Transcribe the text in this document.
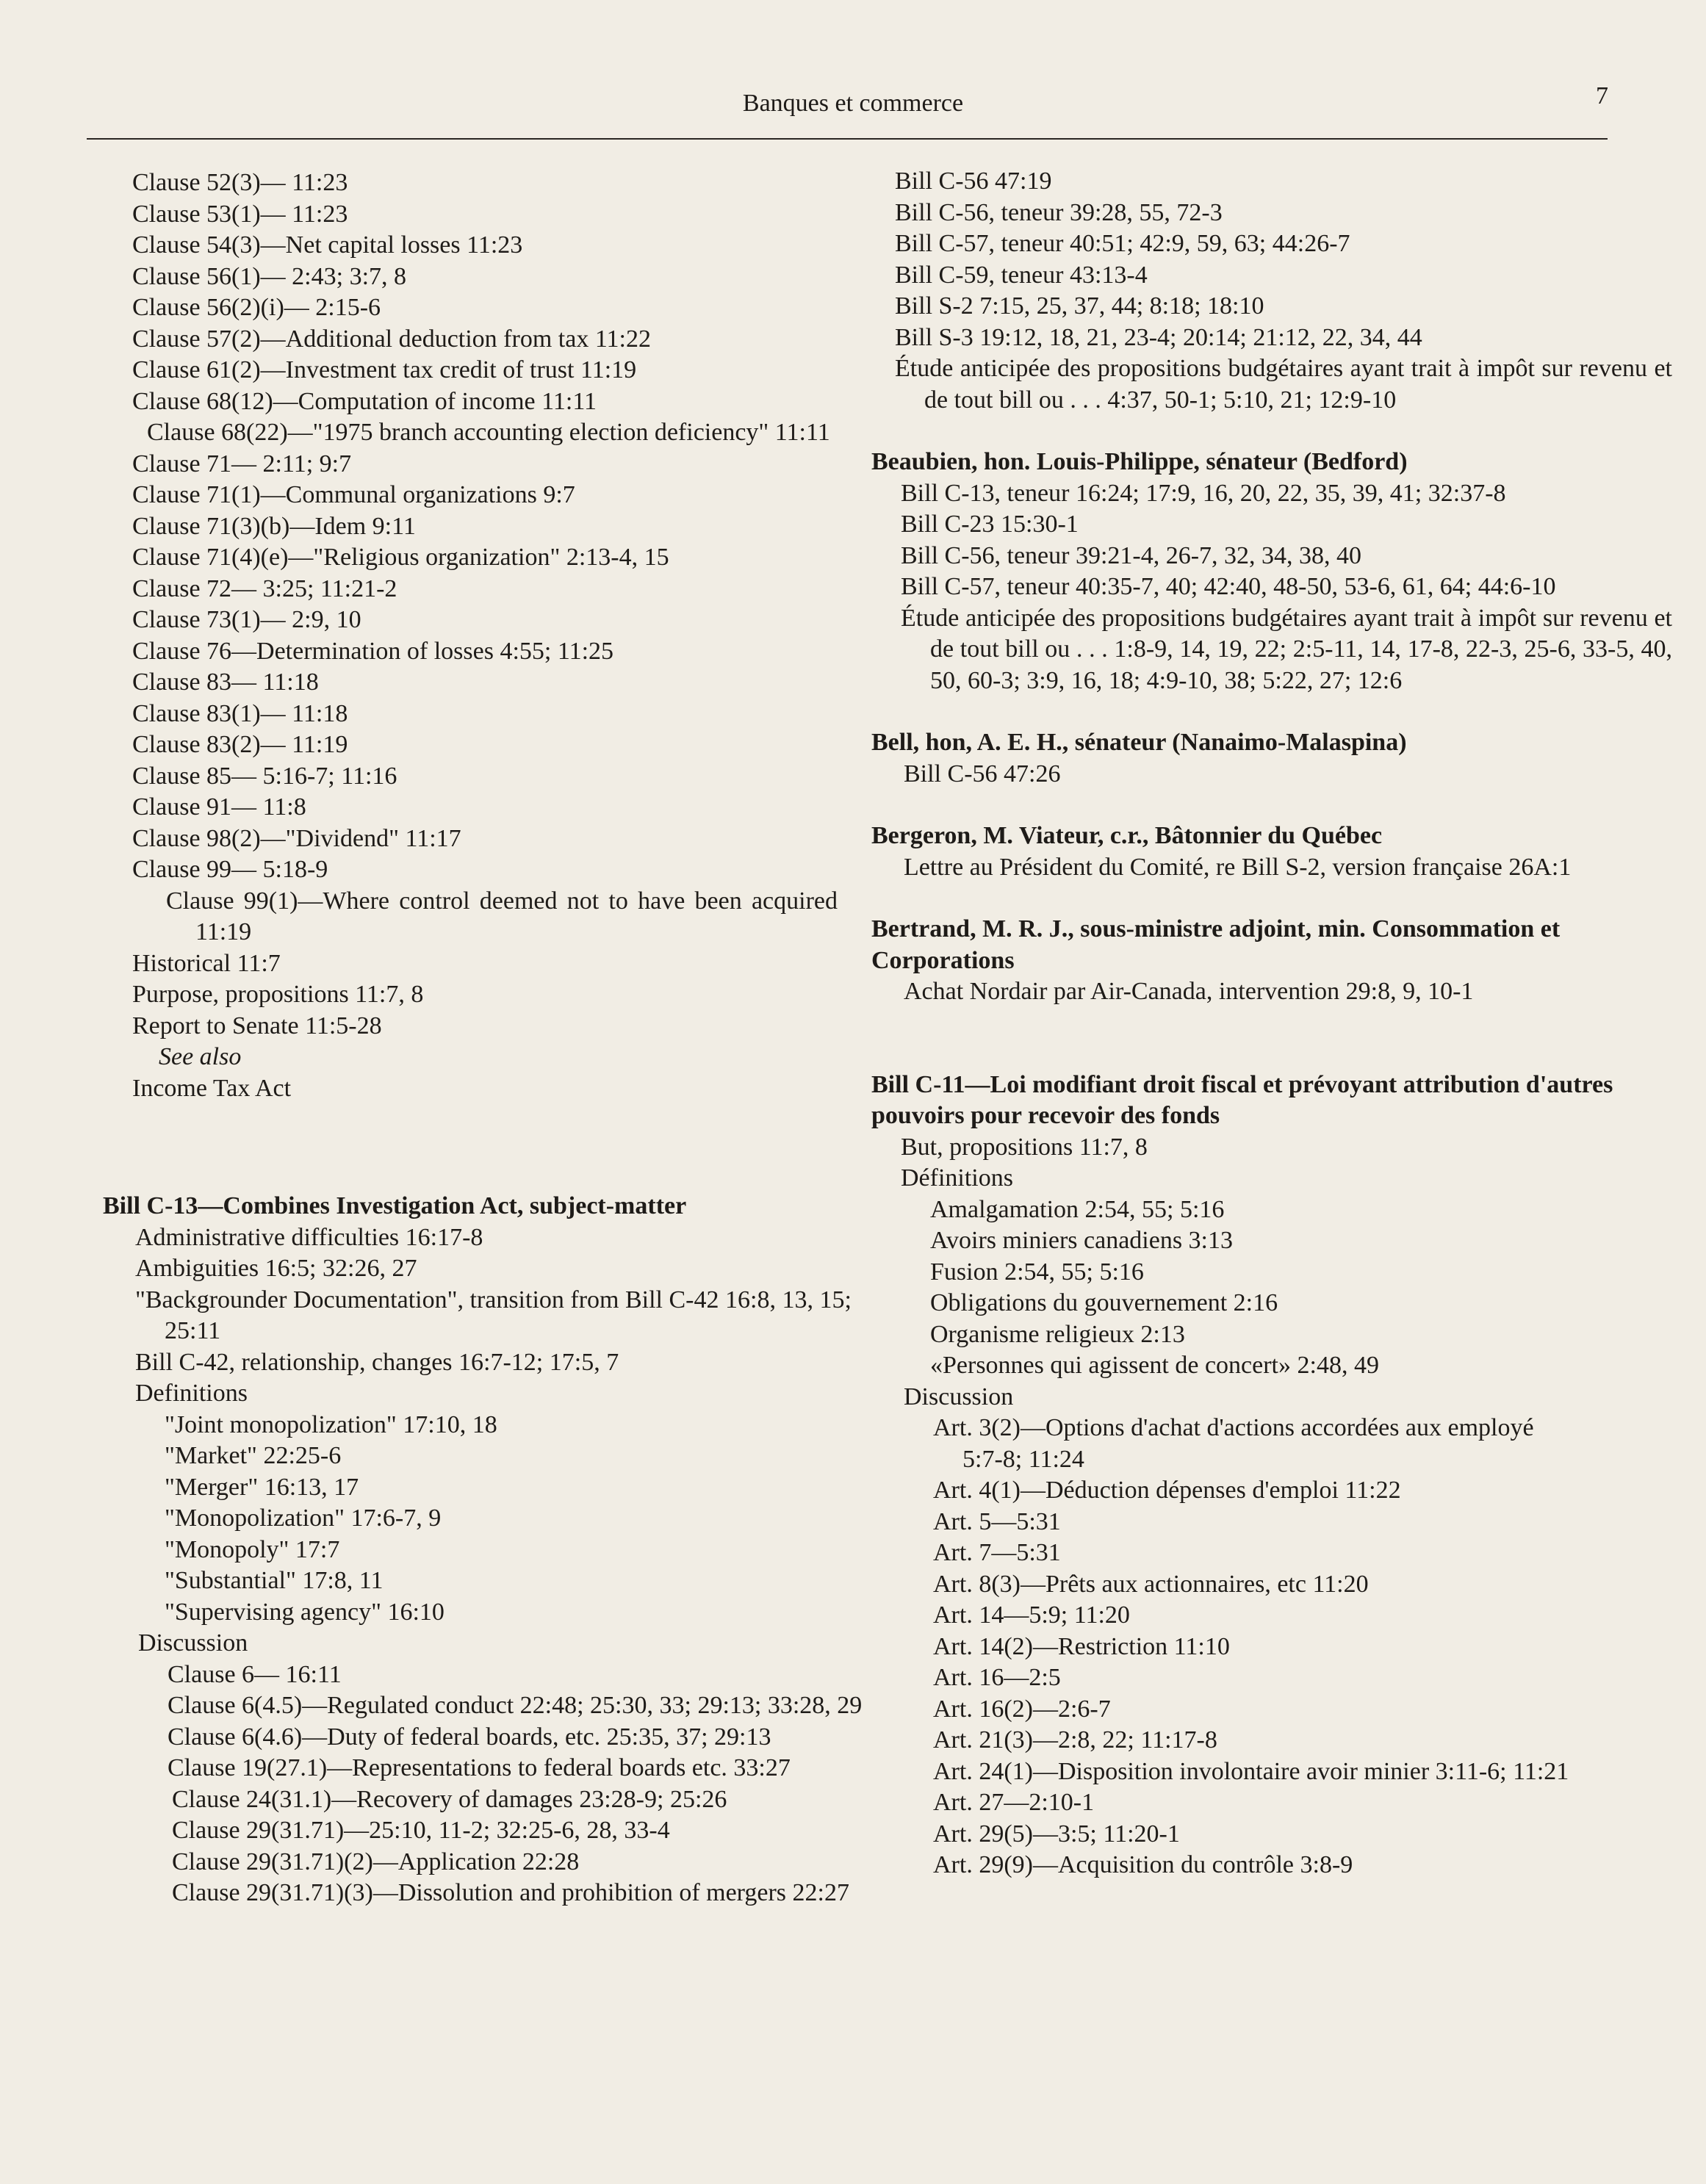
Banques et commerce	7
Clause 52(3)— 11:23
Clause 53(1)— 11:23
Clause 54(3)—Net capital losses 11:23
Clause 56(1)— 2:43; 3:7, 8
Clause 56(2)(i)— 2:15-6
Clause 57(2)—Additional deduction from tax 11:22
Clause 61(2)—Investment tax credit of trust 11:19
Clause 68(12)—Computation of income 11:11
Clause 68(22)—"1975 branch accounting election deficiency" 11:11
Clause 71— 2:11; 9:7
Clause 71(1)—Communal organizations 9:7
Clause 71(3)(b)—Idem 9:11
Clause 71(4)(e)—"Religious organization" 2:13-4, 15
Clause 72— 3:25; 11:21-2
Clause 73(1)— 2:9, 10
Clause 76—Determination of losses 4:55; 11:25
Clause 83— 11:18
Clause 83(1)— 11:18
Clause 83(2)— 11:19
Clause 85— 5:16-7; 11:16
Clause 91— 11:8
Clause 98(2)—"Dividend" 11:17
Clause 99— 5:18-9
Clause 99(1)—Where control deemed not to have been acquired 11:19
Historical 11:7
Purpose, propositions 11:7, 8
Report to Senate 11:5-28
See also
Income Tax Act
Bill C-13—Combines Investigation Act, subject-matter
Administrative difficulties 16:17-8
Ambiguities 16:5; 32:26, 27
"Backgrounder Documentation", transition from Bill C-42 16:8, 13, 15; 25:11
Bill C-42, relationship, changes 16:7-12; 17:5, 7
Definitions
"Joint monopolization" 17:10, 18
"Market" 22:25-6
"Merger" 16:13, 17
"Monopolization" 17:6-7, 9
"Monopoly" 17:7
"Substantial" 17:8, 11
"Supervising agency" 16:10
Discussion
Clause 6— 16:11
Clause 6(4.5)—Regulated conduct 22:48; 25:30, 33; 29:13; 33:28, 29
Clause 6(4.6)—Duty of federal boards, etc. 25:35, 37; 29:13
Clause 19(27.1)—Representations to federal boards etc. 33:27
Clause 24(31.1)—Recovery of damages 23:28-9; 25:26
Clause 29(31.71)—25:10, 11-2; 32:25-6, 28, 33-4
Clause 29(31.71)(2)—Application 22:28
Clause 29(31.71)(3)—Dissolution and prohibition of mergers 22:27
Bill C-56 47:19
Bill C-56, teneur 39:28, 55, 72-3
Bill C-57, teneur 40:51; 42:9, 59, 63; 44:26-7
Bill C-59, teneur 43:13-4
Bill S-2 7:15, 25, 37, 44; 8:18; 18:10
Bill S-3 19:12, 18, 21, 23-4; 20:14; 21:12, 22, 34, 44
Étude anticipée des propositions budgétaires ayant trait à impôt sur revenu et de tout bill ou . . . 4:37, 50-1; 5:10, 21; 12:9-10
Beaubien, hon. Louis-Philippe, sénateur (Bedford)
Bill C-13, teneur 16:24; 17:9, 16, 20, 22, 35, 39, 41; 32:37-8
Bill C-23 15:30-1
Bill C-56, teneur 39:21-4, 26-7, 32, 34, 38, 40
Bill C-57, teneur 40:35-7, 40; 42:40, 48-50, 53-6, 61, 64; 44:6-10
Étude anticipée des propositions budgétaires ayant trait à impôt sur revenu et de tout bill ou . . . 1:8-9, 14, 19, 22; 2:5-11, 14, 17-8, 22-3, 25-6, 33-5, 40, 50, 60-3; 3:9, 16, 18; 4:9-10, 38; 5:22, 27; 12:6
Bell, hon, A. E. H., sénateur (Nanaimo-Malaspina)
Bill C-56 47:26
Bergeron, M. Viateur, c.r., Bâtonnier du Québec
Lettre au Président du Comité, re Bill S-2, version française 26A:1
Bertrand, M. R. J., sous-ministre adjoint, min. Consommation et Corporations
Achat Nordair par Air-Canada, intervention 29:8, 9, 10-1
Bill C-11—Loi modifiant droit fiscal et prévoyant attribution d'autres pouvoirs pour recevoir des fonds
But, propositions 11:7, 8
Définitions
Amalgamation 2:54, 55; 5:16
Avoirs miniers canadiens 3:13
Fusion 2:54, 55; 5:16
Obligations du gouvernement 2:16
Organisme religieux 2:13
«Personnes qui agissent de concert» 2:48, 49
Discussion
Art. 3(2)—Options d'achat d'actions accordées aux employé
5:7-8; 11:24
Art. 4(1)—Déduction dépenses d'emploi 11:22
Art. 5—5:31
Art. 7—5:31
Art. 8(3)—Prêts aux actionnaires, etc 11:20
Art. 14—5:9; 11:20
Art. 14(2)—Restriction 11:10
Art. 16—2:5
Art. 16(2)—2:6-7
Art. 21(3)—2:8, 22; 11:17-8
Art. 24(1)—Disposition involontaire avoir minier 3:11-6; 11:21
Art. 27—2:10-1
Art. 29(5)—3:5; 11:20-1
Art. 29(9)—Acquisition du contrôle 3:8-9
